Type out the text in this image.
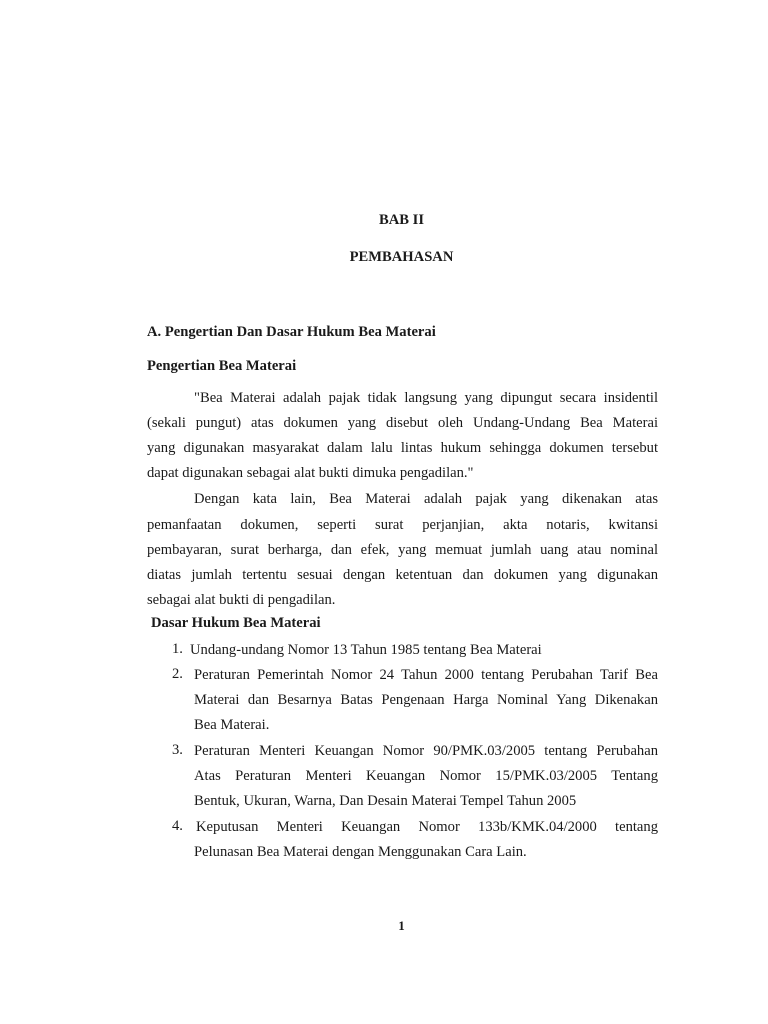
BAB II
PEMBAHASAN
A. Pengertian Dan Dasar Hukum Bea Materai
Pengertian Bea Materai
"Bea Materai adalah pajak tidak langsung yang dipungut secara insidentil
(sekali pungut) atas dokumen yang disebut oleh Undang-Undang Bea Materai
yang digunakan masyarakat dalam lalu lintas hukum sehingga dokumen tersebut
dapat digunakan sebagai alat bukti dimuka pengadilan."
Dengan kata lain, Bea Materai adalah pajak yang dikenakan atas
pemanfaatan dokumen, seperti surat perjanjian, akta notaris, kwitansi
pembayaran, surat berharga, dan efek, yang memuat jumlah uang atau nominal
diatas jumlah tertentu sesuai dengan ketentuan dan dokumen yang digunakan
sebagai alat bukti di pengadilan.
Dasar Hukum Bea Materai
1. Undang-undang Nomor 13 Tahun 1985 tentang Bea Materai
2. Peraturan Pemerintah Nomor 24 Tahun 2000 tentang Perubahan Tarif Bea
Materai dan Besarnya Batas Pengenaan Harga Nominal Yang Dikenakan
Bea Materai.
3. Peraturan Menteri Keuangan Nomor 90/PMK.03/2005 tentang Perubahan
Atas Peraturan Menteri Keuangan Nomor 15/PMK.03/2005 Tentang
Bentuk, Ukuran, Warna, Dan Desain Materai Tempel Tahun 2005
4. Keputusan Menteri Keuangan Nomor 133b/KMK.04/2000 tentang
Pelunasan Bea Materai dengan Menggunakan Cara Lain.
1
